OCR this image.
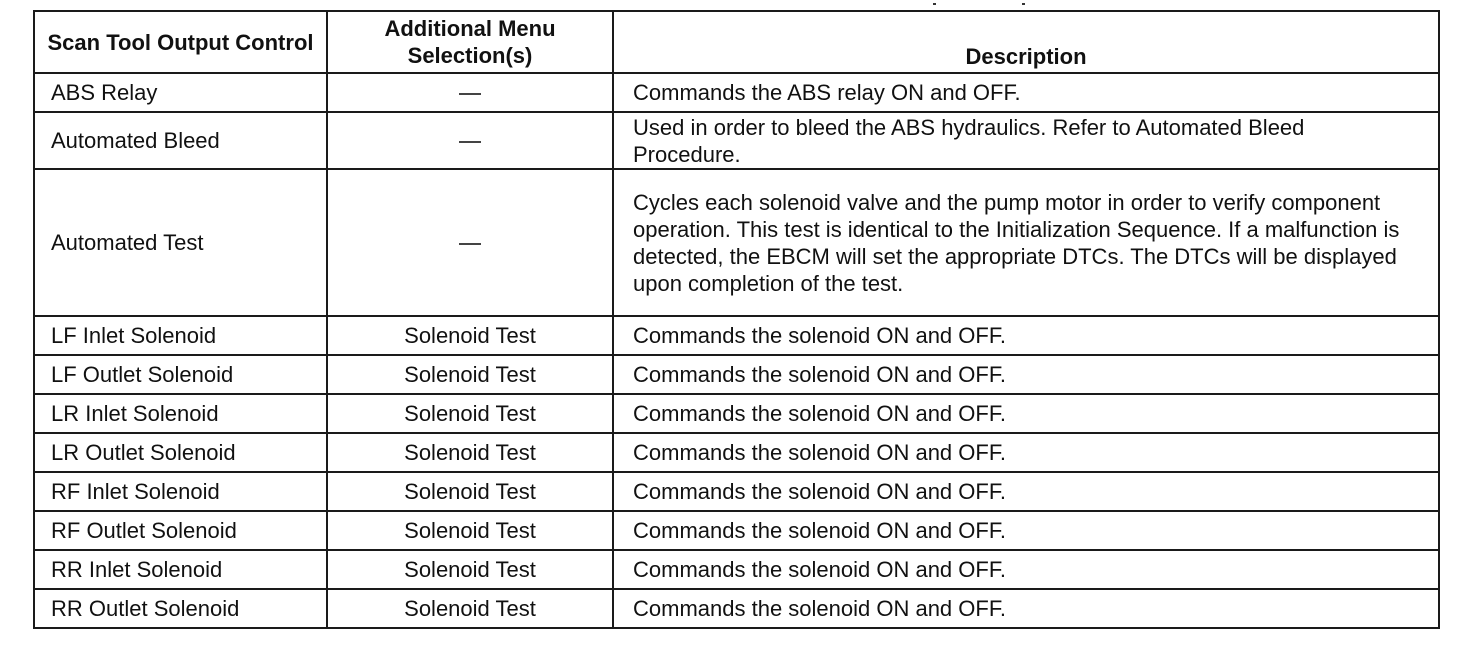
Scan Tool Output Control	Additional Menu Selection(s)	Description
ABS Relay		Commands the ABS relay ON and OFF.
Automated Bleed		Used in order to bleed the ABS hydraulics. Refer to Automated Bleed Procedure.
Automated Test		Cycles each solenoid valve and the pump motor in order to verify component operation. This test is identical to the Initialization Sequence. If a malfunction is detected, the EBCM will set the appropriate DTCs. The DTCs will be displayed upon completion of the test.
LF Inlet Solenoid	Solenoid Test	Commands the solenoid ON and OFF.
LF Outlet Solenoid	Solenoid Test	Commands the solenoid ON and OFF.
LR Inlet Solenoid	Solenoid Test	Commands the solenoid ON and OFF.
LR Outlet Solenoid	Solenoid Test	Commands the solenoid ON and OFF.
RF Inlet Solenoid	Solenoid Test	Commands the solenoid ON and OFF.
RF Outlet Solenoid	Solenoid Test	Commands the solenoid ON and OFF.
RR Inlet Solenoid	Solenoid Test	Commands the solenoid ON and OFF.
RR Outlet Solenoid	Solenoid Test	Commands the solenoid ON and OFF.
